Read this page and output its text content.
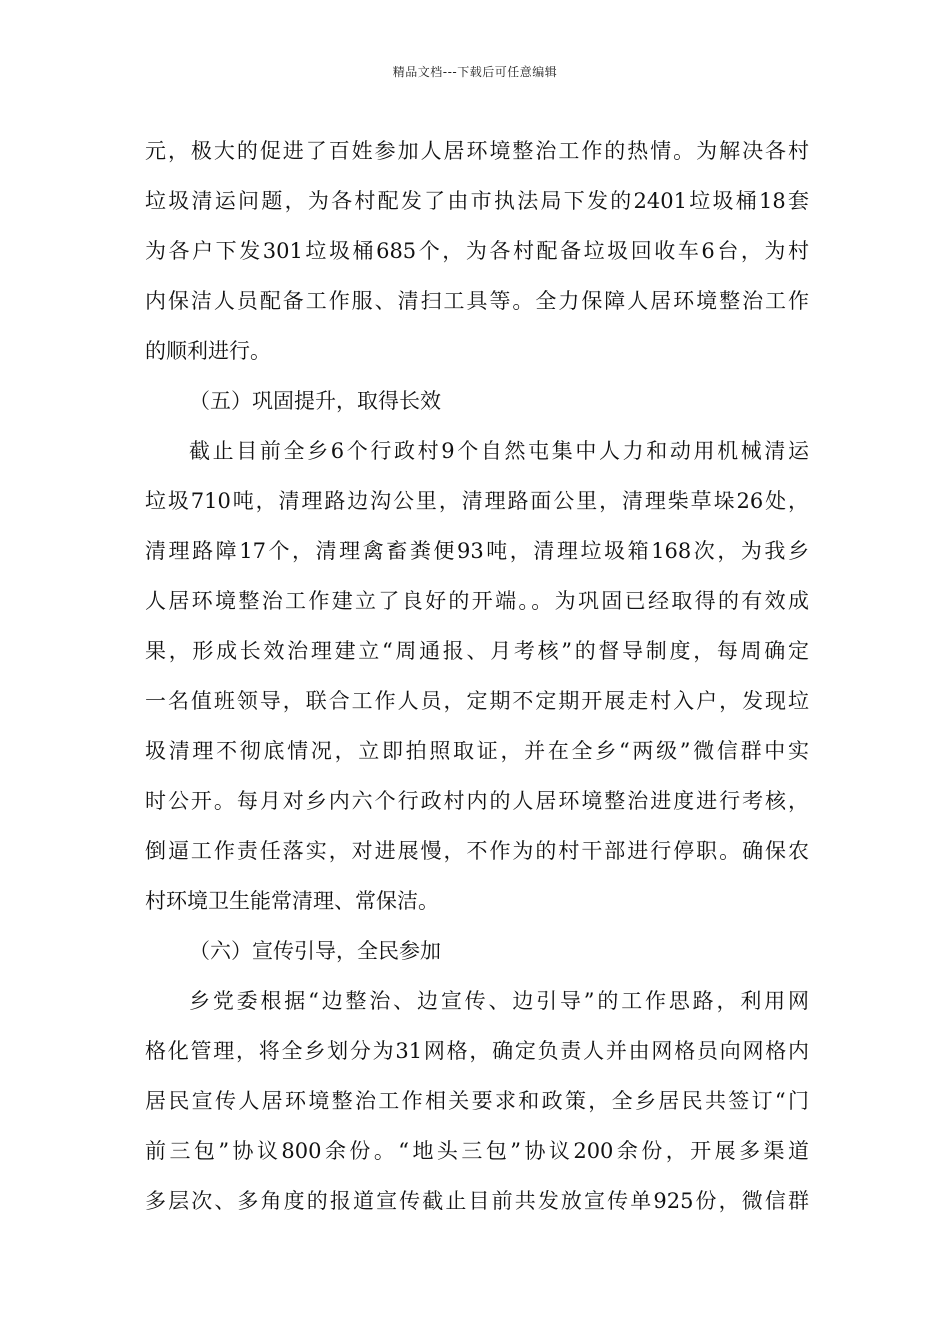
精品文档---下载后可任意编辑
元，极大的促进了百姓参加人居环境整治工作的热情。为解决各村
垃圾清运问题，为各村配发了由市执法局下发的2401垃圾桶18套
为各户下发301垃圾桶685个，为各村配备垃圾回收车6台，为村
内保洁人员配备工作服、清扫工具等。全力保障人居环境整治工作
的顺利进行。
（五）巩固提升，取得长效
截止目前全乡6个行政村9个自然屯集中人力和动用机械清运
垃圾710吨，清理路边沟公里，清理路面公里，清理柴草垛26处，
清理路障17个，清理禽畜粪便93吨，清理垃圾箱168次，为我乡
人居环境整治工作建立了良好的开端。。为巩固已经取得的有效成
果，形成长效治理建立“周通报、月考核”的督导制度，每周确定
一名值班领导，联合工作人员，定期不定期开展走村入户，发现垃
圾清理不彻底情况，立即拍照取证，并在全乡“两级”微信群中实
时公开。每月对乡内六个行政村内的人居环境整治进度进行考核，
倒逼工作责任落实，对进展慢，不作为的村干部进行停职。确保农
村环境卫生能常清理、常保洁。
（六）宣传引导，全民参加
乡党委根据“边整治、边宣传、边引导”的工作思路，利用网
格化管理，将全乡划分为31网格，确定负责人并由网格员向网格内
居民宣传人居环境整治工作相关要求和政策，全乡居民共签订“门
前三包”协议800余份。“地头三包”协议200余份，开展多渠道
多层次、多角度的报道宣传截止目前共发放宣传单925份，微信群
